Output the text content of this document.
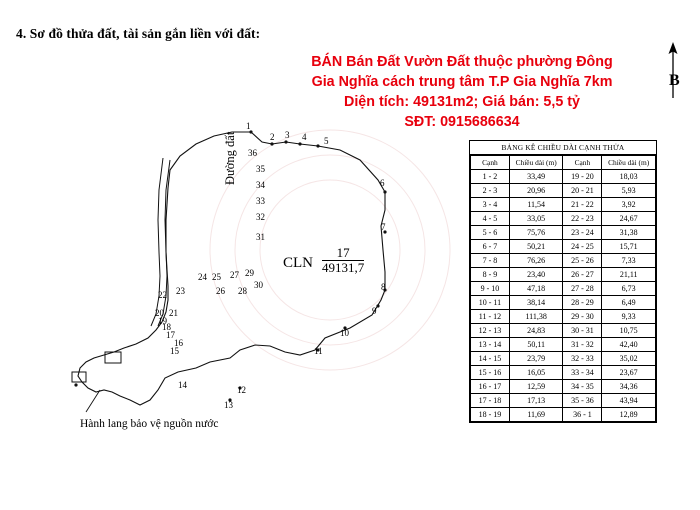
4. Sơ đồ thửa đất, tài sản gắn liền với đất:
BÁN Bán Đất Vườn Đất thuộc phường Đông
Gia Nghĩa cách trung tâm T.P Gia Nghĩa 7km
Diện tích: 49131m2; Giá bán: 5,5 tỷ
SĐT: 0915686634
B
1
2 3 4 5
6
7
8
9
10
11
12
13
14
15
16
17
18
19
20 21
22 23
24 25
26
27
28
29
30
31
32
33
34
35
36
CLN $\frac{17}{49131,7}$
Đường đất
Hành lang bảo vệ nguồn nước
BẢNG KÊ CHIỀU DÀI CẠNH THỬA
Cạnh	Chiều dài (m)	Cạnh	Chiều dài (m)
1 - 2	33,49	19 - 20	18,03
2 - 3	20,96	20 - 21	5,93
3 - 4	11,54	21 - 22	3,92
4 - 5	33,05	22 - 23	24,67
5 - 6	75,76	23 - 24	31,38
6 - 7	50,21	24 - 25	15,71
7 - 8	76,26	25 - 26	7,33
8 - 9	23,40	26 - 27	21,11
9 - 10	47,18	27 - 28	6,73
10 - 11	38,14	28 - 29	6,49
11 - 12	111,38	29 - 30	9,33
12 - 13	24,83	30 - 31	10,75
13 - 14	50,11	31 - 32	42,40
14 - 15	23,79	32 - 33	35,02
15 - 16	16,05	33 - 34	23,67
16 - 17	12,59	34 - 35	34,36
17 - 18	17,13	35 - 36	43,94
18 - 19	11,69	36 - 1	12,89
